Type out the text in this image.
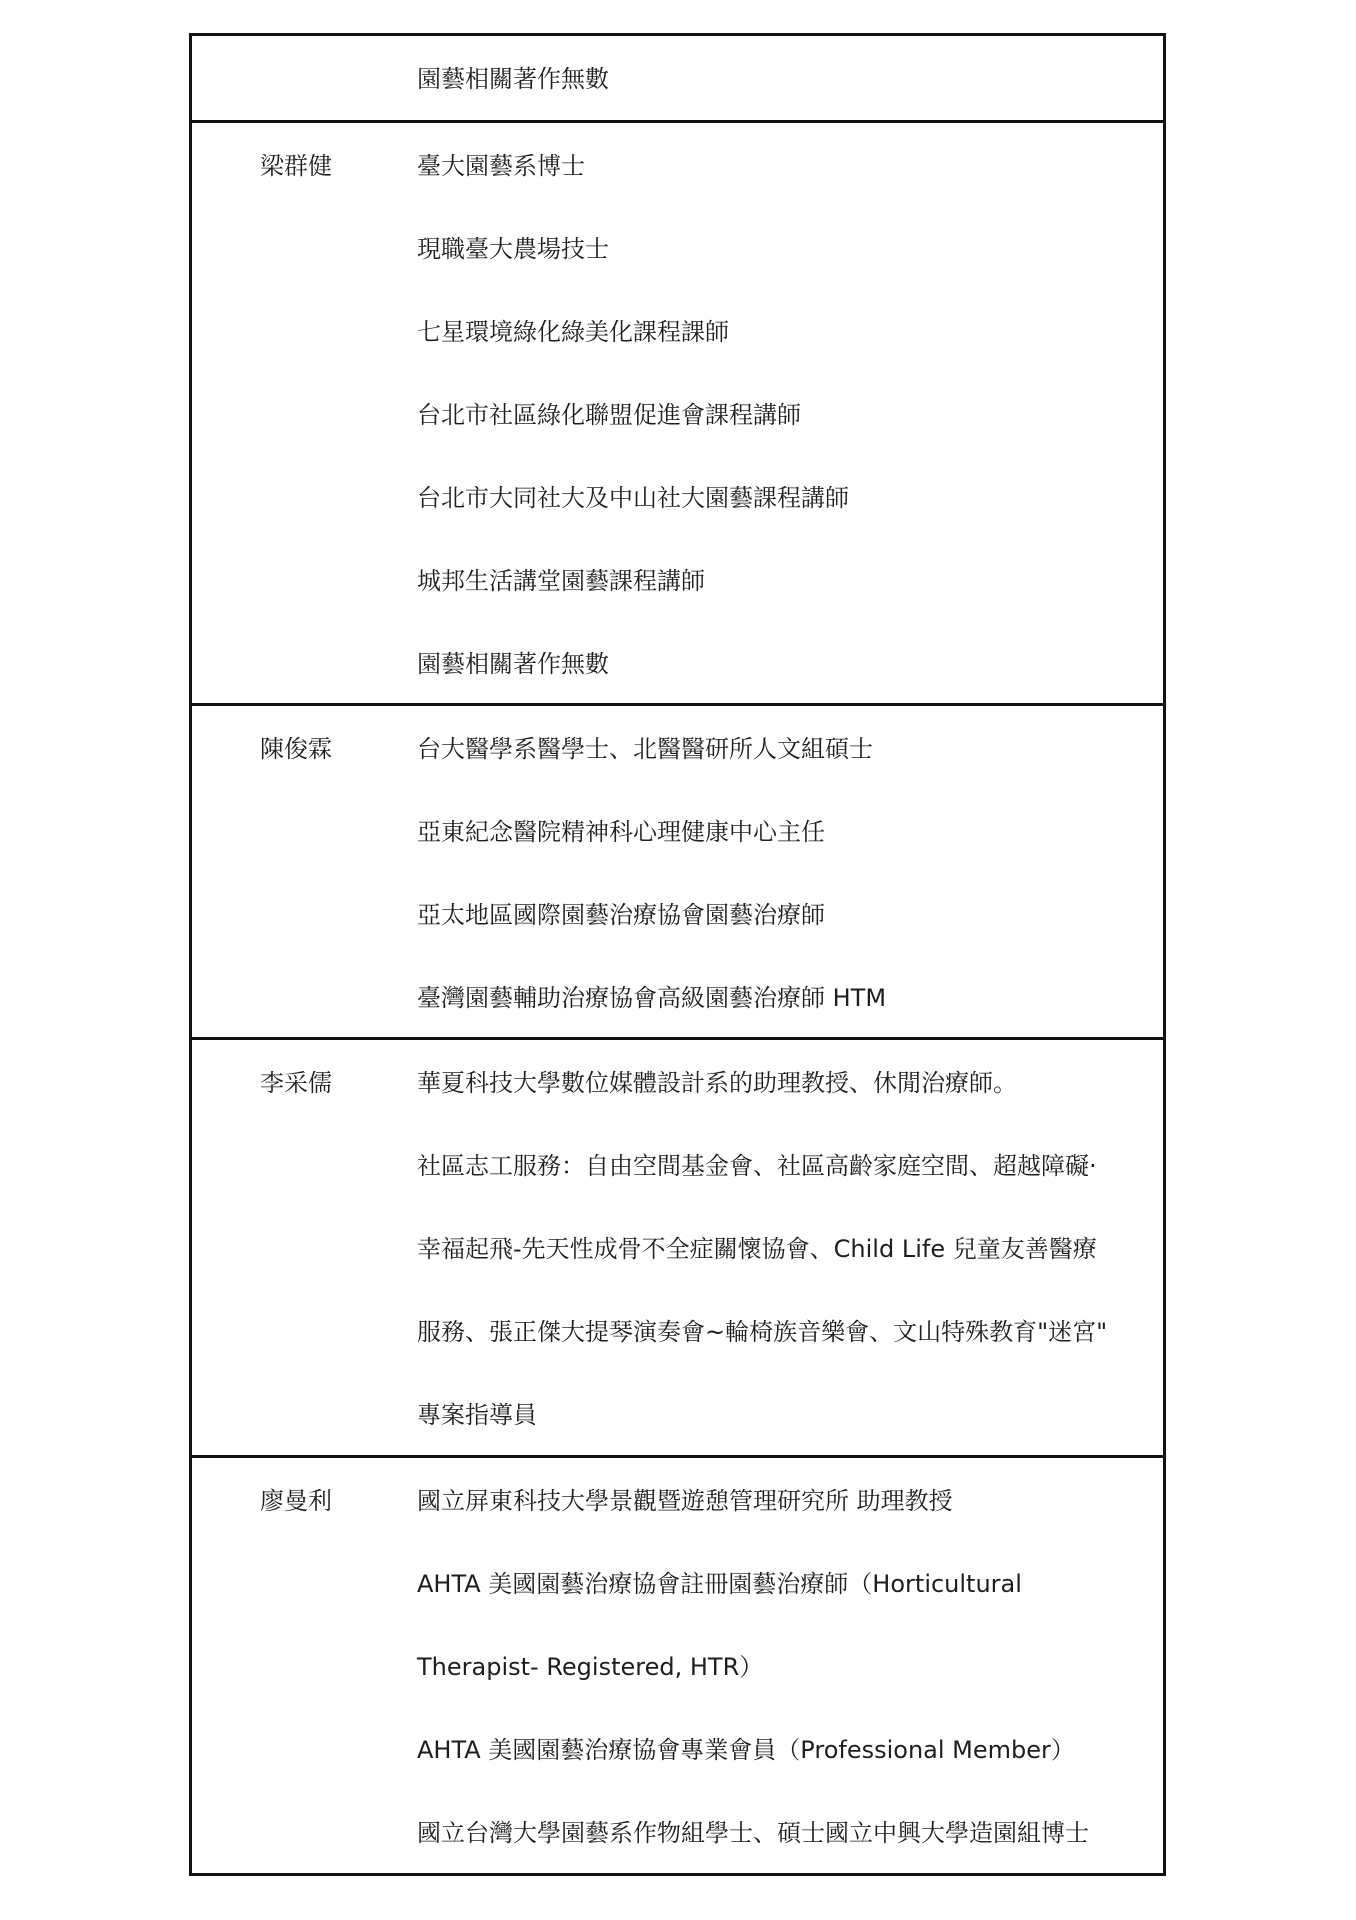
園藝相關著作無數
梁群健	臺大園藝系博士
現職臺大農場技士
七星環境綠化綠美化課程課師
台北市社區綠化聯盟促進會課程講師
台北市大同社大及中山社大園藝課程講師
城邦生活講堂園藝課程講師
園藝相關著作無數
陳俊霖	台大醫學系醫學士、北醫醫研所人文組碩士
亞東紀念醫院精神科心理健康中心主任
亞太地區國際園藝治療協會園藝治療師
臺灣園藝輔助治療協會高級園藝治療師 HTM
李采儒	華夏科技大學數位媒體設計系的助理教授、休閒治療師。
社區志工服務：自由空間基金會、社區高齡家庭空間、超越障礙·
幸福起飛-先天性成骨不全症關懷協會、Child Life 兒童友善醫療
服務、張正傑大提琴演奏會~輪椅族音樂會、文山特殊教育"迷宮"
專案指導員
廖曼利	國立屏東科技大學景觀暨遊憩管理研究所 助理教授
AHTA 美國園藝治療協會註冊園藝治療師（Horticultural
Therapist- Registered, HTR）
AHTA 美國園藝治療協會專業會員（Professional Member）
國立台灣大學園藝系作物組學士、碩士國立中興大學造園組博士
